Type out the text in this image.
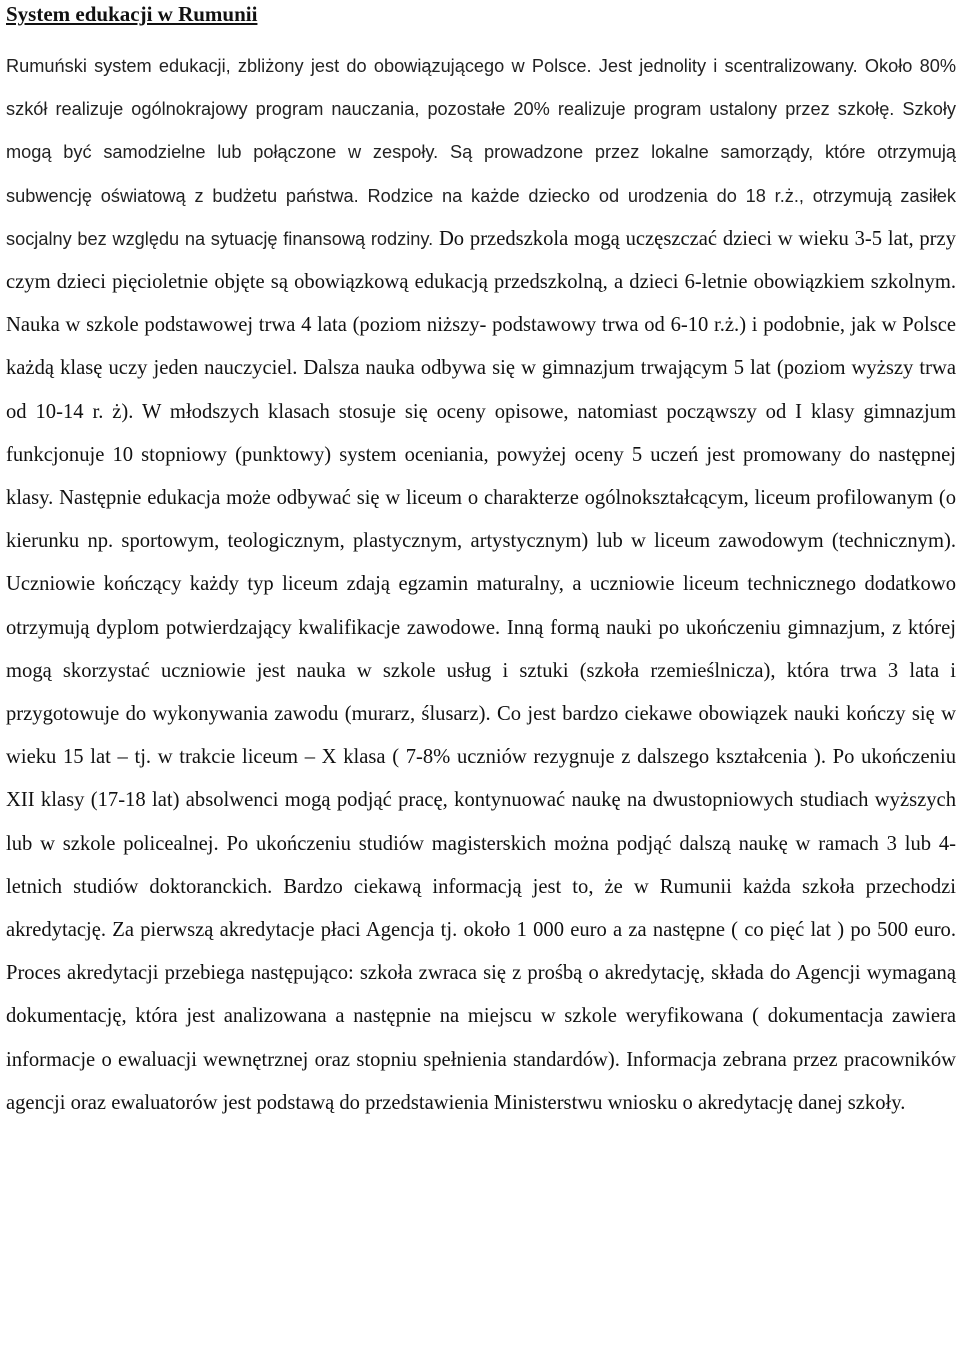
System edukacji w Rumunii

Rumuński system edukacji, zbliżony jest do obowiązującego w Polsce. Jest jednolity i scentralizowany. Około 80% szkół realizuje ogólnokrajowy program nauczania, pozostałe 20% realizuje program ustalony przez szkołę. Szkoły mogą być samodzielne lub połączone w zespoły. Są prowadzone przez lokalne samorządy, które otrzymują subwencję oświatową z budżetu państwa. Rodzice na każde dziecko od urodzenia do 18 r.ż., otrzymują zasiłek socjalny bez względu na sytuację finansową rodziny. Do przedszkola mogą uczęszczać dzieci w wieku 3-5 lat, przy czym dzieci pięcioletnie objęte są obowiązkową edukacją przedszkolną, a dzieci 6-letnie obowiązkiem szkolnym. Nauka w szkole podstawowej trwa 4 lata (poziom niższy- podstawowy trwa od 6-10 r.ż.) i podobnie, jak w Polsce każdą klasę uczy jeden nauczyciel. Dalsza nauka odbywa się w gimnazjum trwającym 5 lat (poziom wyższy trwa od 10-14 r. ż). W młodszych klasach stosuje się oceny opisowe, natomiast począwszy od I klasy gimnazjum funkcjonuje 10 stopniowy (punktowy) system oceniania, powyżej oceny 5 uczeń jest promowany do następnej klasy. Następnie edukacja może odbywać się w liceum o charakterze ogólnokształcącym, liceum profilowanym (o kierunku np. sportowym, teologicznym, plastycznym, artystycznym) lub w liceum zawodowym (technicznym). Uczniowie kończący każdy typ liceum zdają egzamin maturalny, a uczniowie liceum technicznego dodatkowo otrzymują dyplom potwierdzający kwalifikacje zawodowe. Inną formą nauki po ukończeniu gimnazjum, z której mogą skorzystać uczniowie jest nauka w szkole usług i sztuki (szkoła rzemieślnicza), która trwa 3 lata i przygotowuje do wykonywania zawodu (murarz, ślusarz). Co jest bardzo ciekawe obowiązek nauki kończy się w wieku 15 lat – tj. w trakcie liceum – X klasa ( 7-8% uczniów rezygnuje z dalszego kształcenia ). Po ukończeniu XII klasy (17-18 lat) absolwenci mogą podjąć pracę, kontynuować naukę na dwustopniowych studiach wyższych lub w szkole policealnej. Po ukończeniu studiów magisterskich można podjąć dalszą naukę w ramach 3 lub 4-letnich studiów doktoranckich. Bardzo ciekawą informacją jest to, że w Rumunii każda szkoła przechodzi akredytację. Za pierwszą akredytacje płaci Agencja tj. około 1 000 euro a za następne ( co pięć lat ) po 500 euro. Proces akredytacji przebiega następująco: szkoła zwraca się z prośbą o akredytację, składa do Agencji wymaganą dokumentację, która jest analizowana a następnie na miejscu w szkole weryfikowana ( dokumentacja zawiera informacje o ewaluacji wewnętrznej oraz stopniu spełnienia standardów). Informacja zebrana przez pracowników agencji oraz ewaluatorów jest podstawą do przedstawienia Ministerstwu wniosku o akredytację danej szkoły.
